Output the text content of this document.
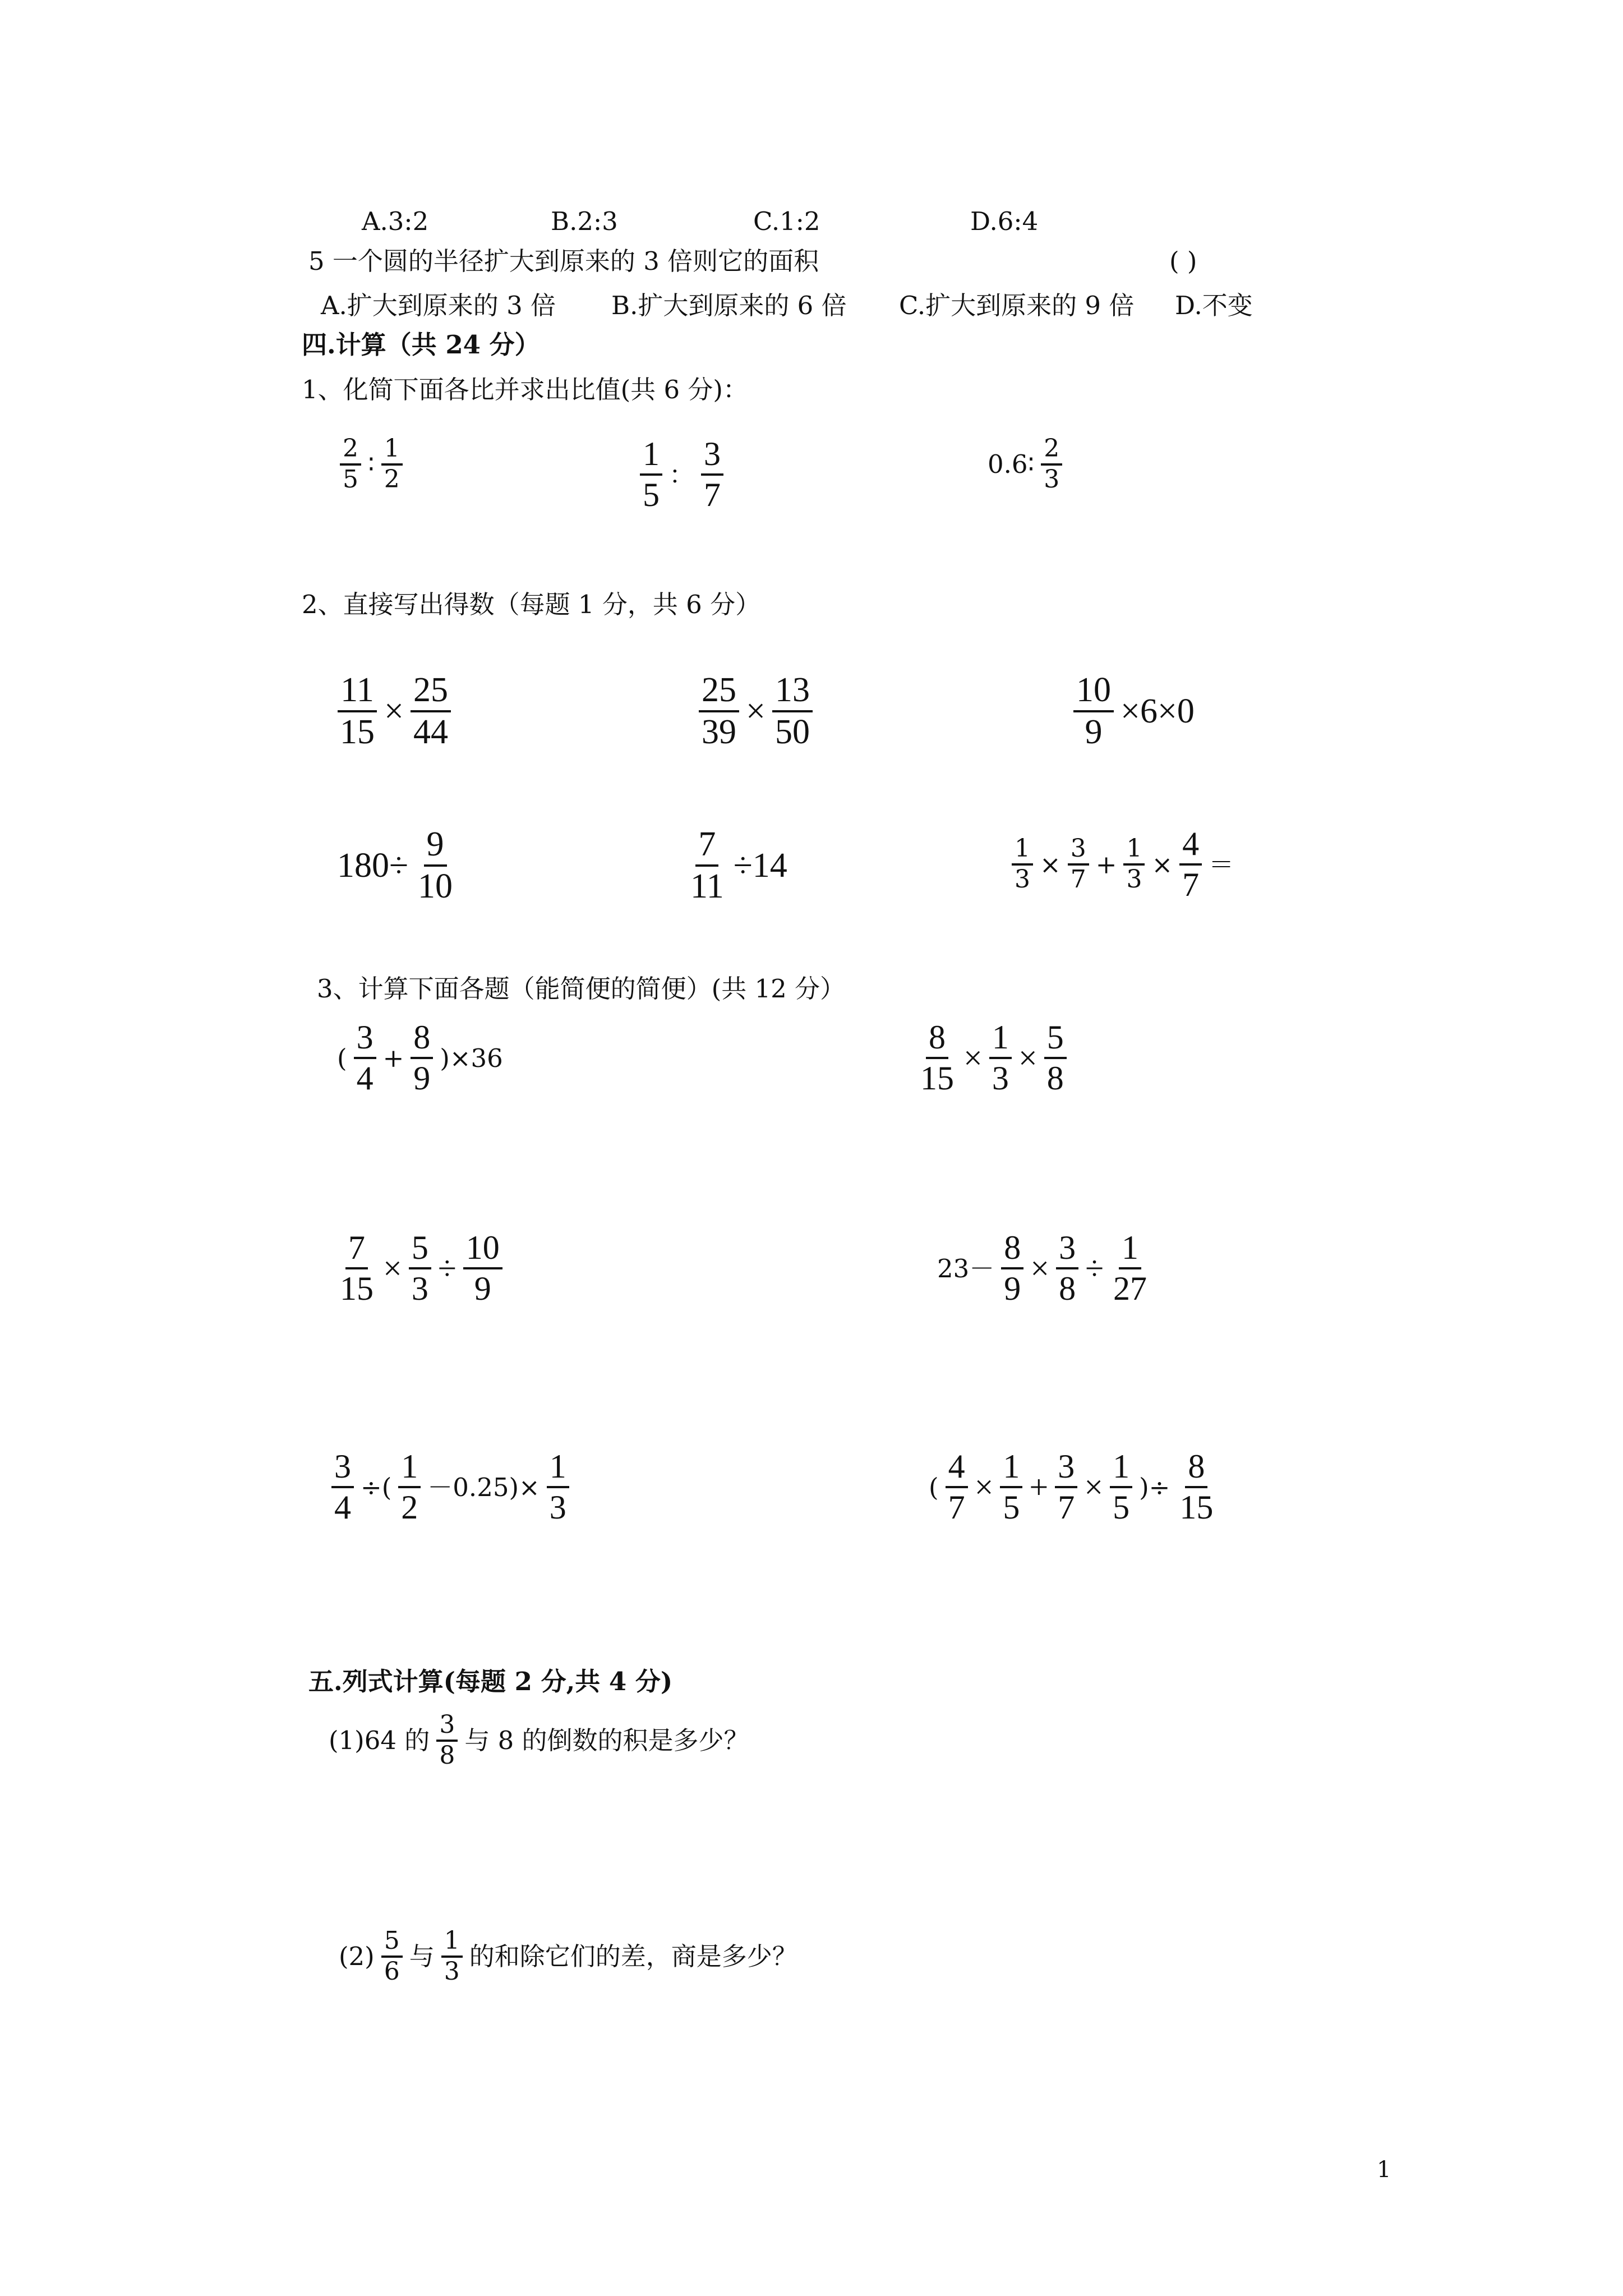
A.3:2	B.2:3	C.1:2	D.6:4
5 一个圆的半径扩大到原来的 3 倍则它的面积	( )
A.扩大到原来的 3 倍 B.扩大到原来的 6 倍 C.扩大到原来的 9 倍 D.不变
四.计算（共 24 分）
1、化简下面各比并求出比值(共 6 分)：
$\frac{2}{5}$ ∶ $\frac{1}{2}$	$\frac{1}{5}$ ： $\frac{3}{7}$	0.6∶ $\frac{2}{3}$
2、直接写出得数（每题 1 分，共 6 分）
$\frac{11}{15} \times \frac{25}{44}$	$\frac{25}{39} \times \frac{13}{50}$	$\frac{10}{9} \times 6\times 0$
$180\div \frac{9}{10}$	$\frac{7}{11} \div 14$	$\frac{1}{3} \times \frac{3}{7} + \frac{1}{3} \times \frac{4}{7}$ ＝
3、计算下面各题（能简便的简便）(共 12 分）
( $\frac{3}{4} + \frac{8}{9} )\times 36$	$\frac{8}{15} \times \frac{1}{3} \times \frac{5}{8}$
$\frac{7}{15} \times \frac{5}{3} \div \frac{10}{9}$	$23- \frac{8}{9} \times \frac{3}{8} \div \frac{1}{27}$
$\frac{3}{4}$ ÷( $\frac{1}{2} -0.25)\times \frac{1}{3}$	( $\frac{4}{7} \times \frac{1}{5} + \frac{3}{7} \times \frac{1}{5}$ )÷ $\frac{8}{15}$
五.列式计算(每题 2 分,共 4 分)
(1)64 的 $\frac{3}{8}$ 与 8 的倒数的积是多少？
$(2) \frac{5}{6}$ 与 $\frac{1}{3}$ 的和除它们的差，商是多少？
1
